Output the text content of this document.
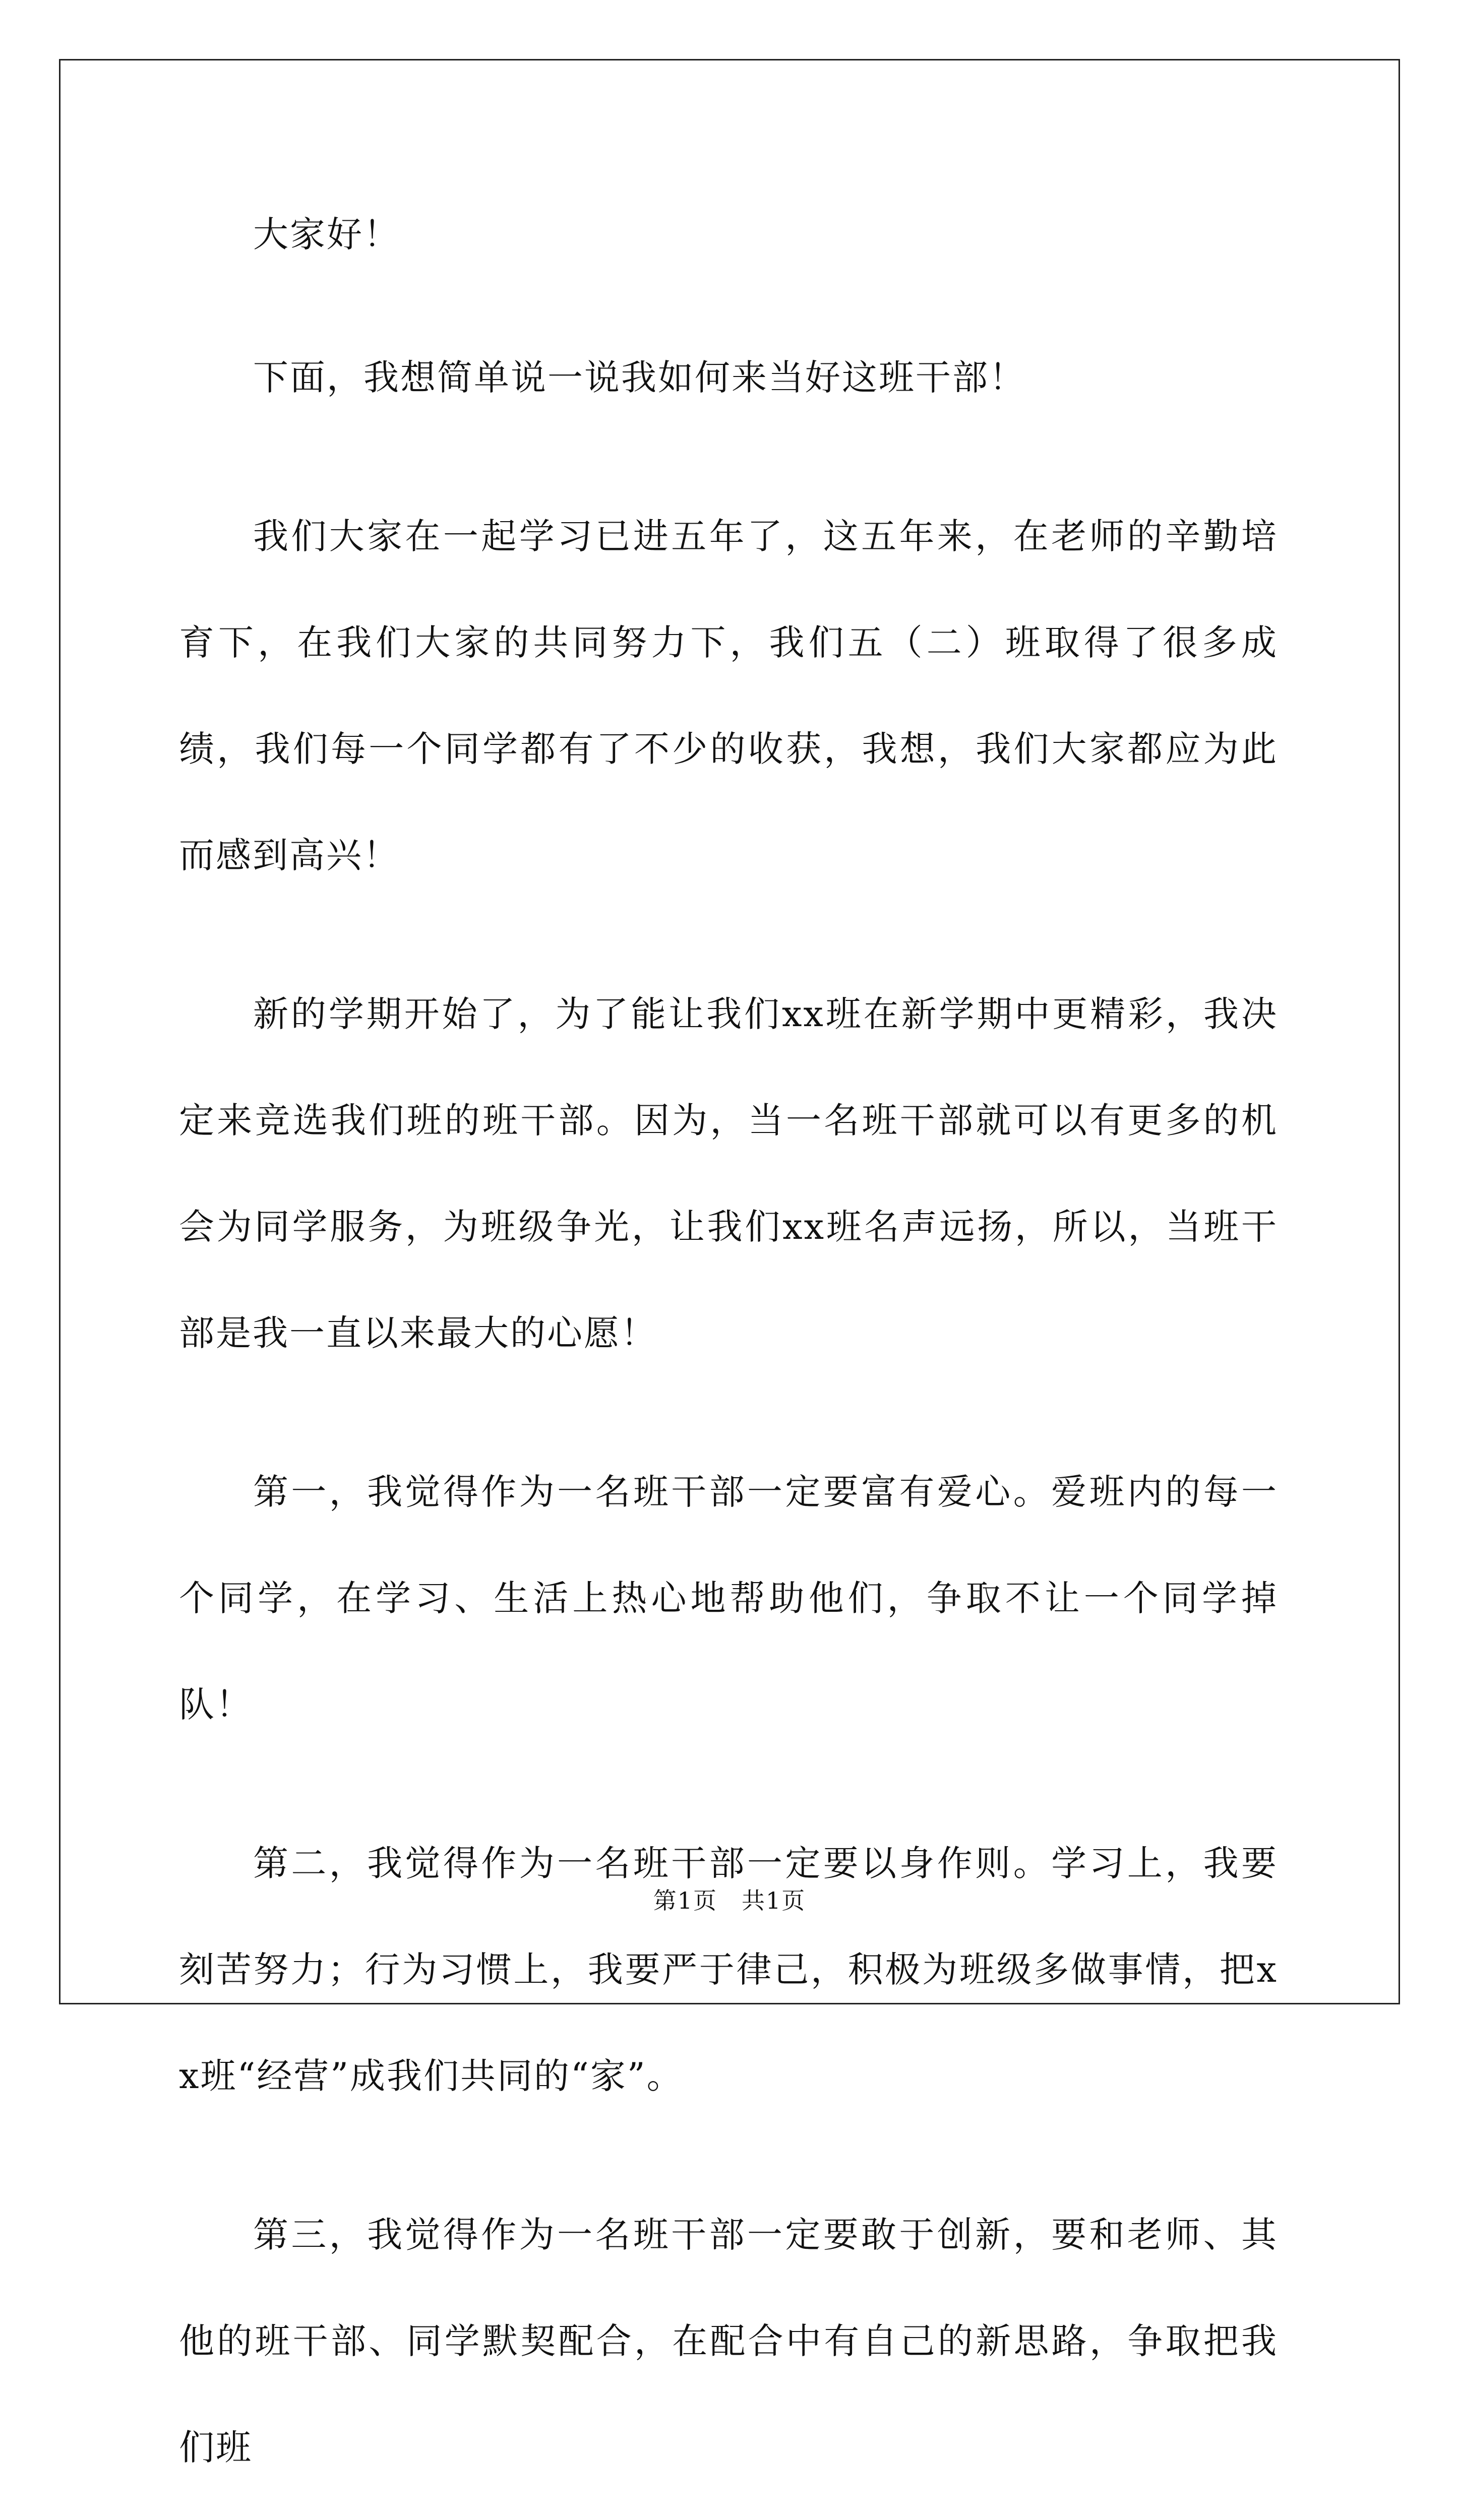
大家好！

下面，我想简单说一说我如何来当好这班干部！

我们大家在一起学习已进五年了，这五年来，在老师的辛勤培育下，在我们大家的共同努力下，我们五（二）班取得了很多成绩，我们每一个同学都有了不少的收获，我想，我们大家都应为此而感到高兴！

新的学期开始了，为了能让我们xx班在新学期中更精彩，我决定来竞选我们班的班干部。因为，当一名班干部就可以有更多的机会为同学服务，为班级争光，让我们xx班名声远扬，所以，当班干部是我一直以来最大的心愿！

第一，我觉得作为一名班干部一定要富有爱心。爱班内的每一个同学，在学习、生活上热心地帮助他们，争取不让一个同学掉队！

第二，我觉得作为一名班干部一定要以身作则。学习上，我要刻苦努力；行为习惯上，我要严于律己，积极为班级多做事情，把xx班“经营”成我们共同的“家”。

第三，我觉得作为一名班干部一定要敢于创新，要和老师、其他的班干部、同学默契配合，在配合中有自己的新思路，争取把我们班

第1页 共1页
